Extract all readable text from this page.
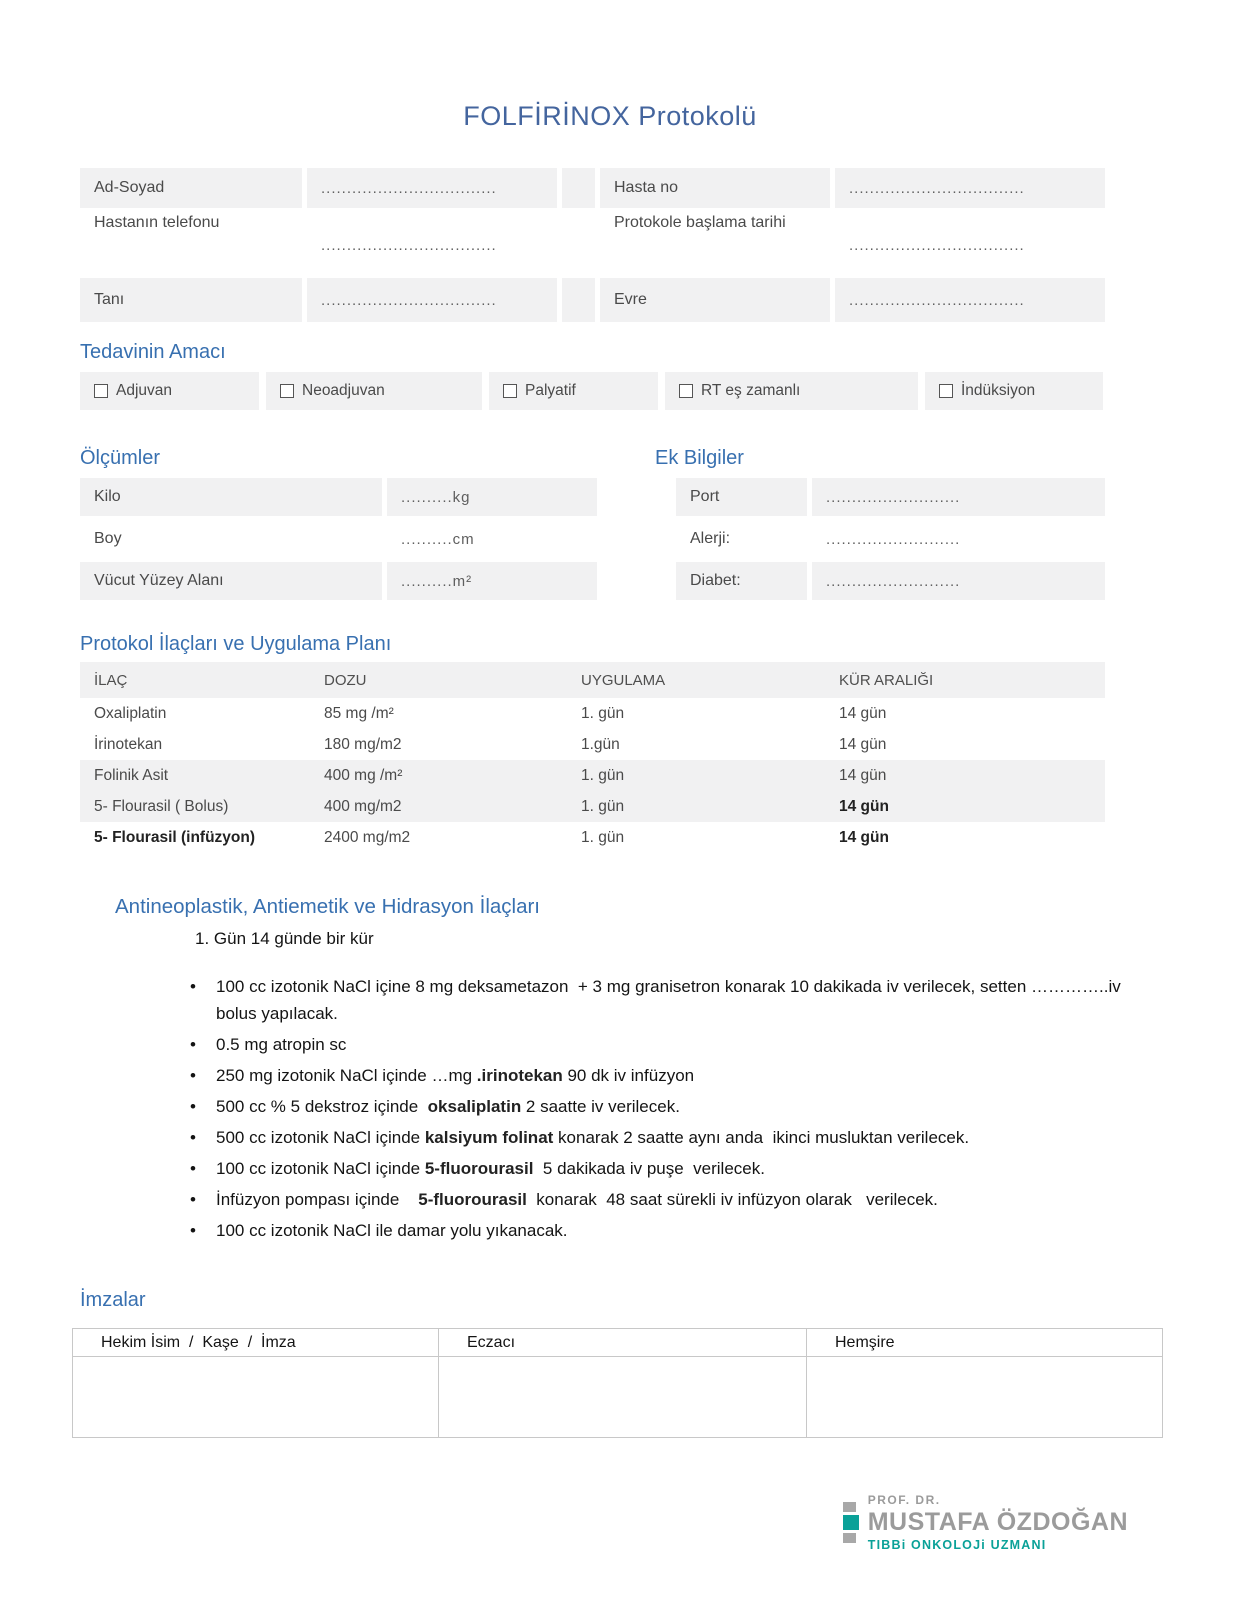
FOLFİRİNOX Protokolü
Ad-Soyad	..................................	Hasta no	..................................
Hastanın telefonu
..................................
Protokole başlama tarihi
..................................
Tanı	..................................	Evre	..................................
Tedavinin Amacı
Adjuvan	Neoadjuvan	Palyatif	RT eş zamanlı	İndüksiyon
Ölçümler	Ek Bilgiler
Kilo	..........kg	Port	..........................
Boy	..........cm	Alerji:	..........................
Vücut Yüzey Alanı	..........m²	Diabet:	..........................
Protokol İlaçları ve Uygulama Planı
İLAÇ	DOZU	UYGULAMA	KÜR ARALIĞI
Oxaliplatin	85 mg /m²	1. gün	14 gün
İrinotekan	180 mg/m2	1.gün	14 gün
Folinik Asit	400 mg /m²	1. gün	14 gün
5- Flourasil ( Bolus)	400 mg/m2	1. gün	14 gün
5- Flourasil (infüzyon)	2400 mg/m2	1. gün	14 gün
Antineoplastik, Antiemetik ve Hidrasyon İlaçları
1. Gün 14 günde bir kür
• 100 cc izotonik NaCl içine 8 mg deksametazon  + 3 mg granisetron konarak 10 dakikada iv verilecek, setten …………..iv bolus yapılacak.
• 0.5 mg atropin sc
• 250 mg izotonik NaCl içinde …mg .irinotekan 90 dk iv infüzyon
• 500 cc % 5 dekstroz içinde  oksaliplatin 2 saatte iv verilecek.
• 500 cc izotonik NaCl içinde kalsiyum folinat konarak 2 saatte aynı anda  ikinci musluktan verilecek.
• 100 cc izotonik NaCl içinde 5-fluorourasil  5 dakikada iv puşe  verilecek.
• İnfüzyon pompası içinde    5-fluorourasil  konarak  48 saat sürekli iv infüzyon olarak   verilecek.
• 100 cc izotonik NaCl ile damar yolu yıkanacak.
İmzalar
Hekim İsim  /  Kaşe  /  İmza	Eczacı	Hemşire
PROF. DR.
MUSTAFA ÖZDOĞAN
TIBBi ONKOLOJi UZMANI
